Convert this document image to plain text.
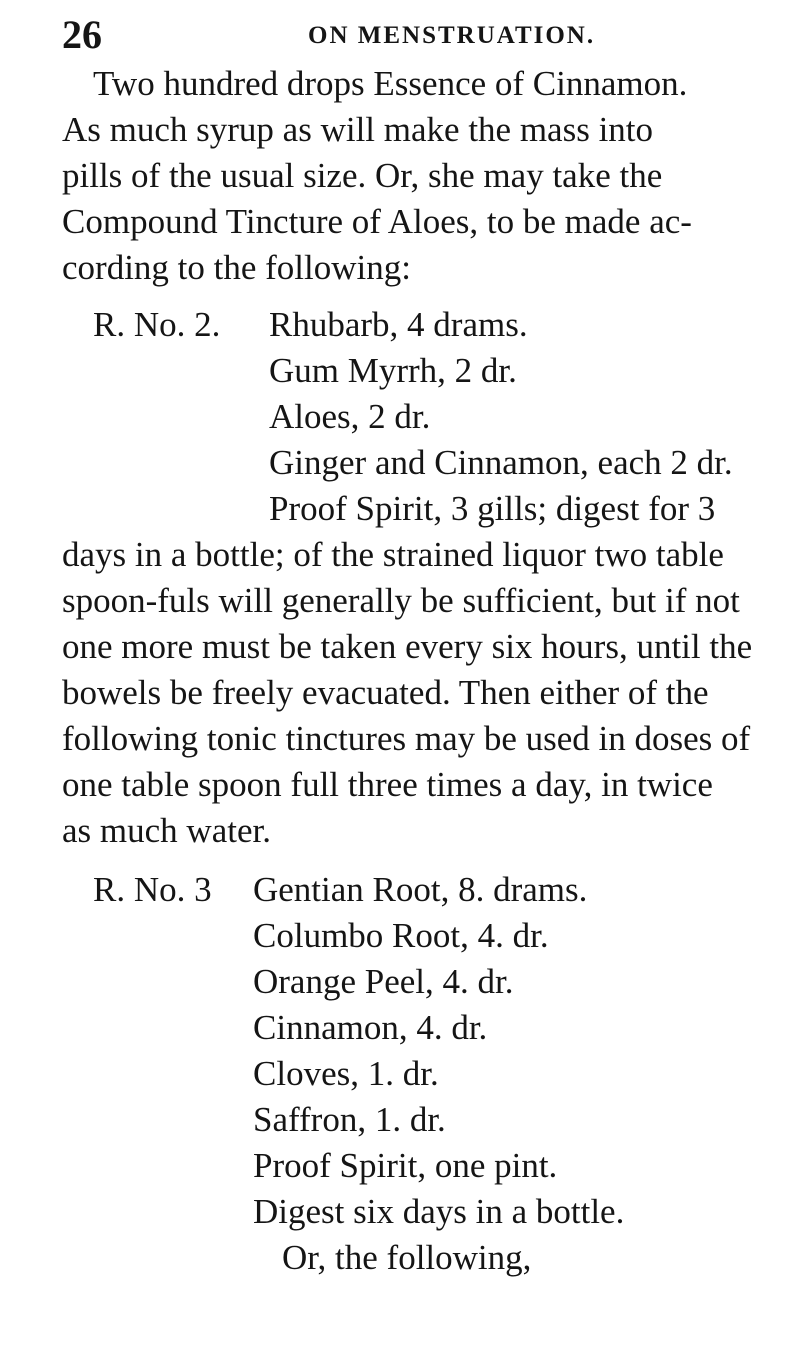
26	ON MENSTRUATION.
Two hundred drops Essence of Cinnamon.
As much syrup as will make the mass into
pills of the usual size. Or, she may take the
Compound Tincture of Aloes, to be made ac-
cording to the following:
R. No. 2. Rhubarb, 4 drams.
Gum Myrrh, 2 dr.
Aloes, 2 dr.
Ginger and Cinnamon, each 2 dr.
Proof Spirit, 3 gills; digest for 3
days in a bottle; of the strained liquor two table
spoon-fuls will generally be sufficient, but if not
one more must be taken every six hours, until the
bowels be freely evacuated. Then either of the
following tonic tinctures may be used in doses of
one table spoon full three times a day, in twice
as much water.
R. No. 3 Gentian Root, 8. drams.
Columbo Root, 4. dr.
Orange Peel, 4. dr.
Cinnamon, 4. dr.
Cloves, 1. dr.
Saffron, 1. dr.
Proof Spirit, one pint.
Digest six days in a bottle.
Or, the following,
